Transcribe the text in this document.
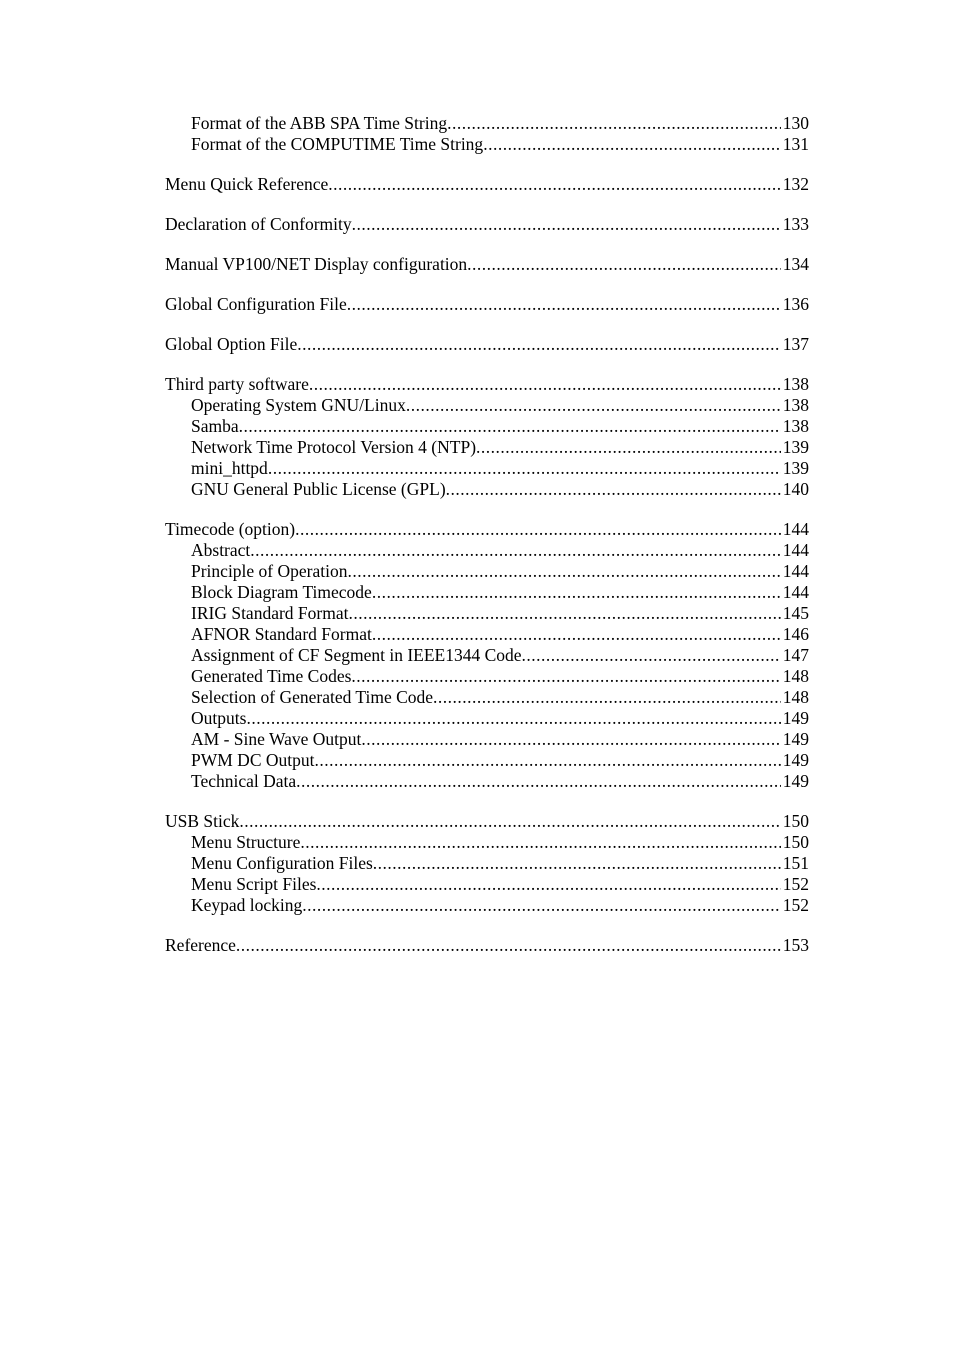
Format of the ABB SPA Time String .....	130
Format of the COMPUTIME Time String .....	131
Menu Quick Reference .....	132
Declaration of Conformity .....	133
Manual VP100/NET Display configuration .....	134
Global Configuration File .....	136
Global Option File .....	137
Third party software .....	138
Operating System GNU/Linux .....	138
Samba .....	138
Network Time Protocol Version 4 (NTP) .....	139
mini_httpd .....	139
GNU General Public License (GPL) .....	140
Timecode (option) .....	144
Abstract .....	144
Principle of Operation .....	144
Block Diagram Timecode .....	144
IRIG Standard Format .....	145
AFNOR Standard Format .....	146
Assignment of CF Segment in IEEE1344 Code .....	147
Generated Time Codes .....	148
Selection of Generated Time Code .....	148
Outputs .....	149
AM - Sine Wave Output .....	149
PWM DC Output .....	149
Technical Data .....	149
USB Stick .....	150
Menu Structure .....	150
Menu Configuration Files .....	151
Menu Script Files .....	152
Keypad locking .....	152
Reference .....	153
